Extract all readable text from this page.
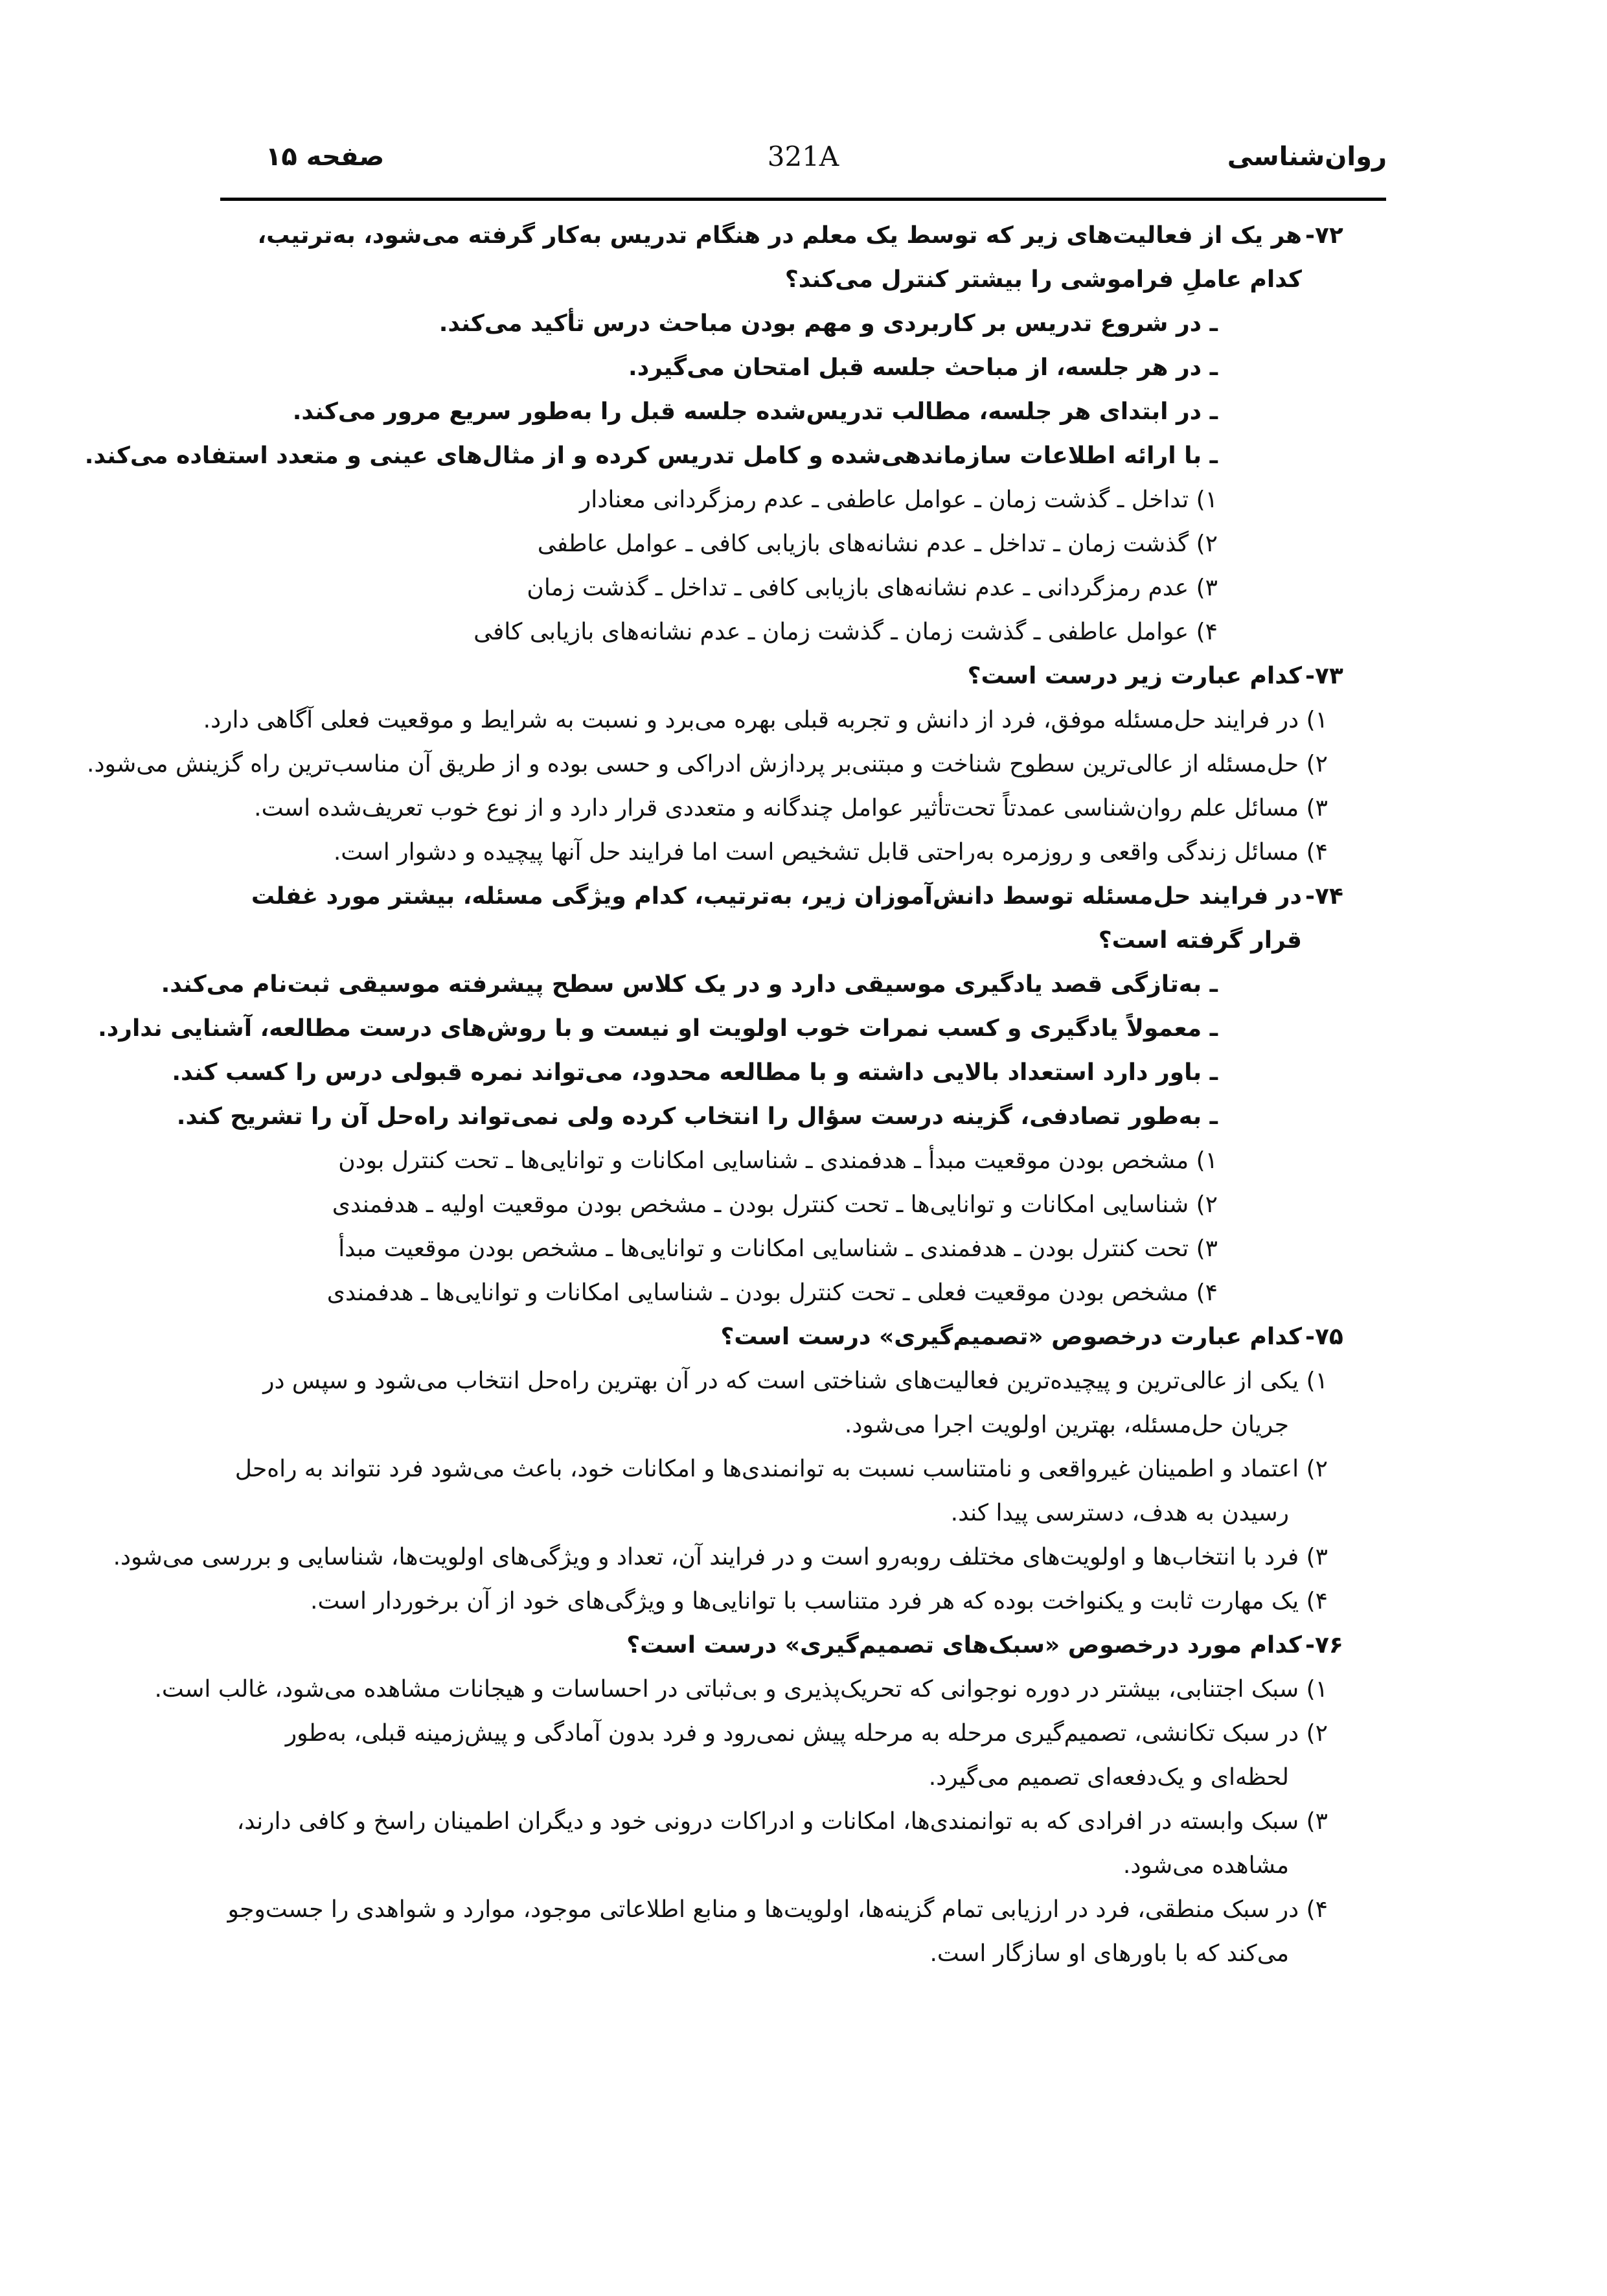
روان‌شناسی
321A
صفحه ۱۵
-۷۲
هر یک از فعالیت‌های زیر که توسط یک معلم در هنگام تدریس به‌کار گرفته می‌شود، به‌ترتیب، کدام عاملِ فراموشی را بیشتر کنترل می‌کند؟
ـ در شروع تدریس بر کاربردی و مهم بودن مباحث درس تأکید می‌کند.
ـ در هر جلسه، از مباحث جلسه قبل امتحان می‌گیرد.
ـ در ابتدای هر جلسه، مطالب تدریس‌شده جلسه قبل را به‌طور سریع مرور می‌کند.
ـ با ارائه اطلاعات سازماندهی‌شده و کامل تدریس کرده و از مثال‌های عینی و متعدد استفاده می‌کند.
۱) تداخل ـ گذشت زمان ـ عوامل عاطفی ـ عدم رمزگردانی معنادار
۲) گذشت زمان ـ تداخل ـ عدم نشانه‌های بازیابی کافی ـ عوامل عاطفی
۳) عدم رمزگردانی ـ عدم نشانه‌های بازیابی کافی ـ تداخل ـ گذشت زمان
۴) عوامل عاطفی ـ گذشت زمان ـ گذشت زمان ـ عدم نشانه‌های بازیابی کافی
-۷۳
کدام عبارت زیر درست است؟
۱) در فرایند حل‌مسئله موفق، فرد از دانش و تجربه قبلی بهره می‌برد و نسبت به شرایط و موقعیت فعلی آگاهی دارد.
۲) حل‌مسئله از عالی‌ترین سطوح شناخت و مبتنی‌بر پردازش ادراکی و حسی بوده و از طریق آن مناسب‌ترین راه گزینش می‌شود.
۳) مسائل علم روان‌شناسی عمدتاً تحت‌تأثیر عوامل چندگانه و متعددی قرار دارد و از نوع خوب تعریف‌شده است.
۴) مسائل زندگی واقعی و روزمره به‌راحتی قابل تشخیص است اما فرایند حل آنها پیچیده و دشوار است.
-۷۴
در فرایند حل‌مسئله توسط دانش‌آموزان زیر، به‌ترتیب، کدام ویژگی مسئله، بیشتر مورد غفلت قرار گرفته است؟
ـ به‌تازگی قصد یادگیری موسیقی دارد و در یک کلاس سطح پیشرفته موسیقی ثبت‌نام می‌کند.
ـ معمولاً یادگیری و کسب نمرات خوب اولویت او نیست و با روش‌های درست مطالعه، آشنایی ندارد.
ـ باور دارد استعداد بالایی داشته و با مطالعه محدود، می‌تواند نمره قبولی درس را کسب کند.
ـ به‌طور تصادفی، گزینه درست سؤال را انتخاب کرده ولی نمی‌تواند راه‌حل آن را تشریح کند.
۱) مشخص بودن موقعیت مبدأ ـ هدفمندی ـ شناسایی امکانات و توانایی‌ها ـ تحت کنترل بودن
۲) شناسایی امکانات و توانایی‌ها ـ تحت کنترل بودن ـ مشخص بودن موقعیت اولیه ـ هدفمندی
۳) تحت کنترل بودن ـ هدفمندی ـ شناسایی امکانات و توانایی‌ها ـ مشخص بودن موقعیت مبدأ
۴) مشخص بودن موقعیت فعلی ـ تحت کنترل بودن ـ شناسایی امکانات و توانایی‌ها ـ هدفمندی
-۷۵
کدام عبارت درخصوص «تصمیم‌گیری» درست است؟
۱) یکی از عالی‌ترین و پیچیده‌ترین فعالیت‌های شناختی است که در آن بهترین راه‌حل انتخاب می‌شود و سپس در جریان حل‌مسئله، بهترین اولویت اجرا می‌شود.
۲) اعتماد و اطمینان غیرواقعی و نامتناسب نسبت به توانمندی‌ها و امکانات خود، باعث می‌شود فرد نتواند به راه‌حل رسیدن به هدف، دسترسی پیدا کند.
۳) فرد با انتخاب‌ها و اولویت‌های مختلف روبه‌رو است و در فرایند آن، تعداد و ویژگی‌های اولویت‌ها، شناسایی و بررسی می‌شود.
۴) یک مهارت ثابت و یکنواخت بوده که هر فرد متناسب با توانایی‌ها و ویژگی‌های خود از آن برخوردار است.
-۷۶
کدام مورد درخصوص «سبک‌های تصمیم‌گیری» درست است؟
۱) سبک اجتنابی، بیشتر در دوره نوجوانی که تحریک‌پذیری و بی‌ثباتی در احساسات و هیجانات مشاهده می‌شود، غالب است.
۲) در سبک تکانشی، تصمیم‌گیری مرحله به مرحله پیش نمی‌رود و فرد بدون آمادگی و پیش‌زمینه قبلی، به‌طور لحظه‌ای و یک‌دفعه‌ای تصمیم می‌گیرد.
۳) سبک وابسته در افرادی که به توانمندی‌ها، امکانات و ادراکات درونی خود و دیگران اطمینان راسخ و کافی دارند، مشاهده می‌شود.
۴) در سبک منطقی، فرد در ارزیابی تمام گزینه‌ها، اولویت‌ها و منابع اطلاعاتی موجود، موارد و شواهدی را جست‌وجو می‌کند که با باورهای او سازگار است.
